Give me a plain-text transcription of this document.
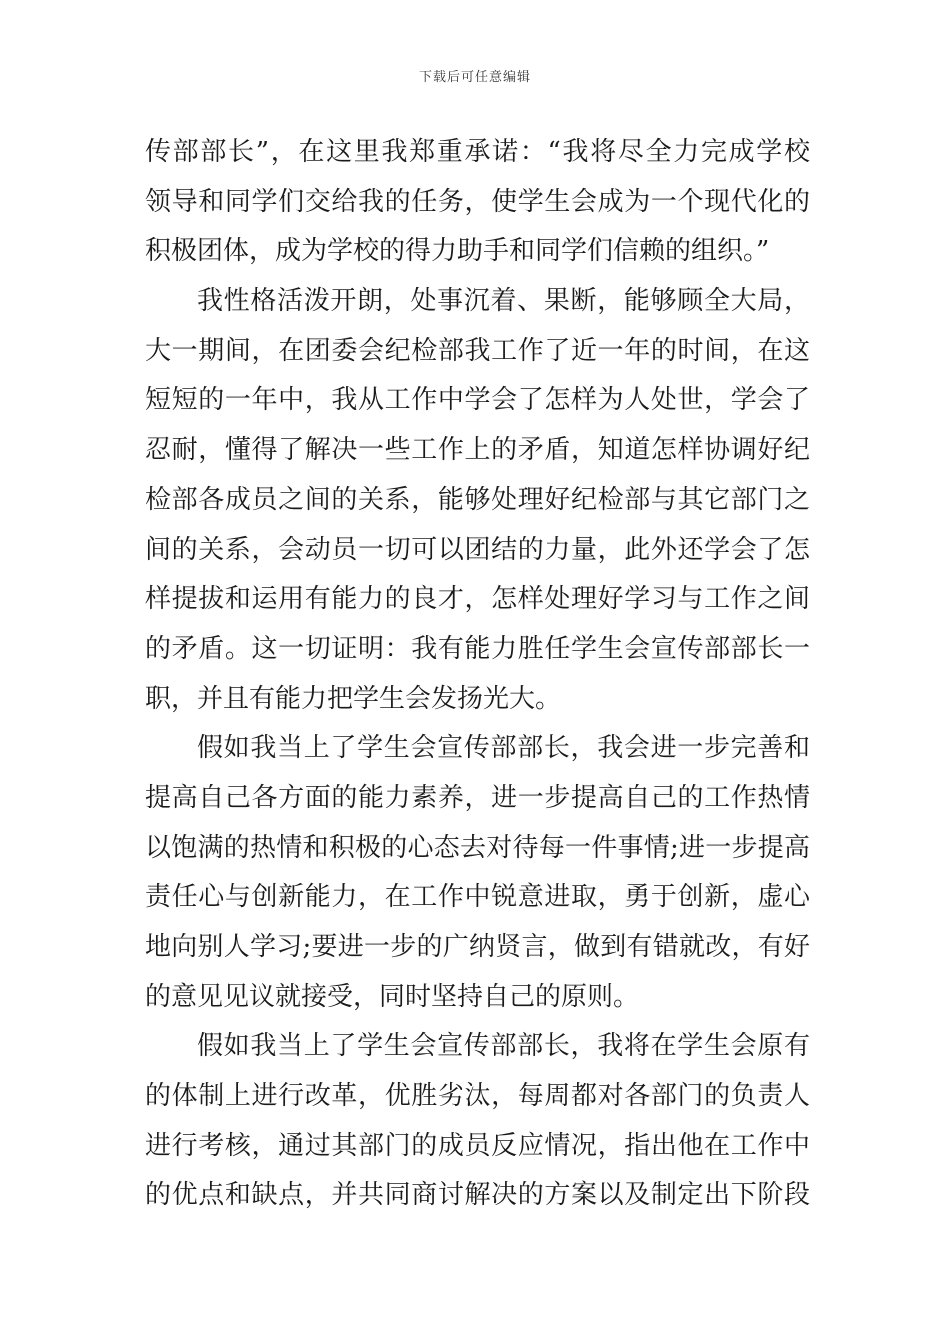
下载后可任意编辑
传部部长”，在这里我郑重承诺：“我将尽全力完成学校
领导和同学们交给我的任务，使学生会成为一个现代化的
积极团体，成为学校的得力助手和同学们信赖的组织。”
我性格活泼开朗，处事沉着、果断，能够顾全大局，
大一期间，在团委会纪检部我工作了近一年的时间，在这
短短的一年中，我从工作中学会了怎样为人处世，学会了
忍耐，懂得了解决一些工作上的矛盾，知道怎样协调好纪
检部各成员之间的关系，能够处理好纪检部与其它部门之
间的关系，会动员一切可以团结的力量，此外还学会了怎
样提拔和运用有能力的良才，怎样处理好学习与工作之间
的矛盾。这一切证明：我有能力胜任学生会宣传部部长一
职，并且有能力把学生会发扬光大。
假如我当上了学生会宣传部部长，我会进一步完善和
提高自己各方面的能力素养，进一步提高自己的工作热情
以饱满的热情和积极的心态去对待每一件事情;进一步提高
责任心与创新能力，在工作中锐意进取，勇于创新，虚心
地向别人学习;要进一步的广纳贤言，做到有错就改，有好
的意见见议就接受，同时坚持自己的原则。
假如我当上了学生会宣传部部长，我将在学生会原有
的体制上进行改革，优胜劣汰，每周都对各部门的负责人
进行考核，通过其部门的成员反应情况，指出他在工作中
的优点和缺点，并共同商讨解决的方案以及制定出下阶段
